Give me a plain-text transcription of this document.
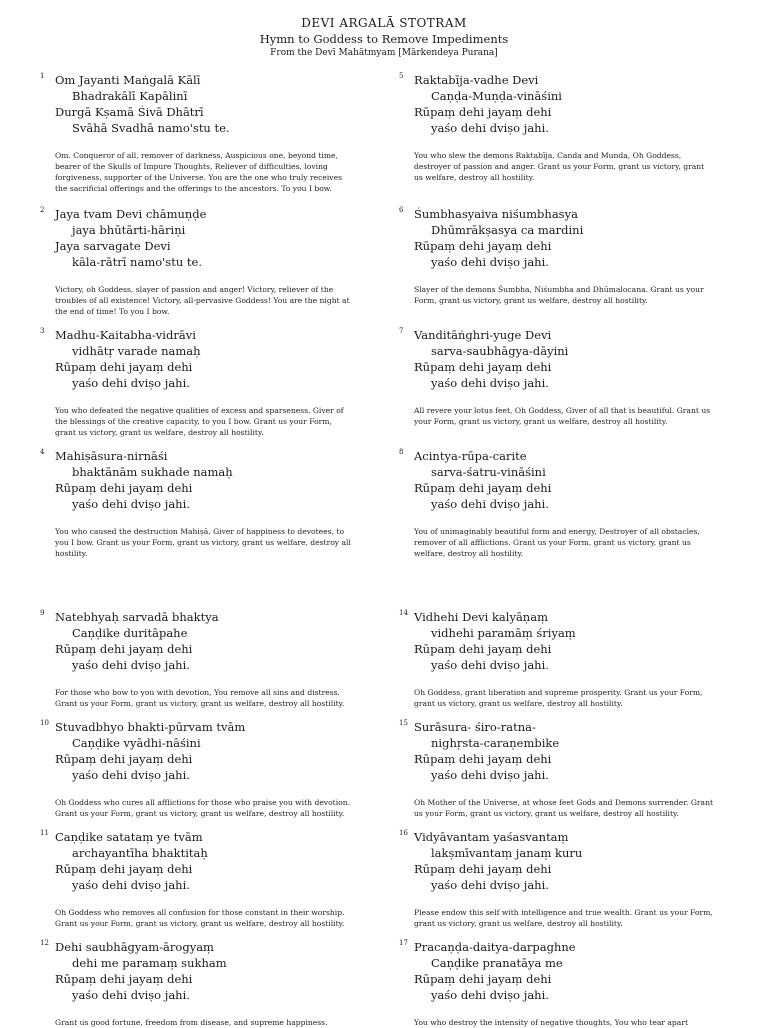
DEVI ARGALĀ STOTRAM
Hymn to Goddess to Remove Impediments
From the Devī Mahātmyam [Mārkendeya Purana]
1 Om Jayanti Maṅgalā Kālī
Bhadrakālī Kapālinī
Durgā Kṣamā Śivā Dhātrī
Svāhā Svadhā namo'stu te.
Om. Conqueror of all, remover of darkness, Auspicious one, beyond time, bearer of the Skulls of Impure Thoughts, Reliever of difficulties, loving forgiveness, supporter of the Universe. You are the one who truly receives the sacrificial offerings and the offerings to the ancestors. To you I bow.
2 Jaya tvam Devi chāmuṇḍe
jaya bhūtārti-hāriṇi
Jaya sarvagate Devi
kāla-rātrī namo'stu te.
Victory, oh Goddess, slayer of passion and anger! Victory, reliever of the troubles of all existence! Victory, all-pervasive Goddess! You are the night at the end of time! To you I bow.
3 Madhu-Kaitabha-vidrāvi
vidhātṛ varade namaḥ
Rūpaṃ dehi jayaṃ dehi
yaśo dehi dviṣo jahi.
You who defeated the negative qualities of excess and sparseness, Giver of the blessings of the creative capacity, to you I bow. Grant us your Form, grant us victory, grant us welfare, destroy all hostility.
4 Mahiṣāsura-nirnāśi
bhaktānām sukhade namaḥ
Rūpaṃ dehi jayaṃ dehi
yaśo dehi dviṣo jahi.
You who caused the destruction Mahiṣā, Giver of happiness to devotees, to you I bow. Grant us your Form, grant us victory, grant us welfare, destroy all hostility.
5 Raktabīja-vadhe Devi
Caṇḍa-Muṇḍa-vināśini
Rūpaṃ dehi jayaṃ dehi
yaśo dehi dviṣo jahi.
You who slew the demons Raktabīja, Canda and Munda, Oh Goddess, destroyer of passion and anger. Grant us your Form, grant us victory, grant us welfare, destroy all hostility.
6 Śumbhasyaiva niśumbhasya
Dhūmrākṣasya ca mardini
Rūpaṃ dehi jayaṃ dehi
yaśo dehi dviṣo jahi.
Slayer of the demons Śumbha, Niśumbha and Dhūmalocana. Grant us your Form, grant us victory, grant us welfare, destroy all hostility.
7 Vanditāṅghri-yuge Devi
sarva-saubhāgya-dāyini
Rūpaṃ dehi jayaṃ dehi
yaśo dehi dviṣo jahi.
All revere your lotus feet, Oh Goddess, Giver of all that is beautiful. Grant us your Form, grant us victory, grant us welfare, destroy all hostility.
8 Acintya-rūpa-carite
sarva-śatru-vināśini
Rūpaṃ dehi jayaṃ dehi
yaśo dehi dviṣo jahi.
You of unimaginably beautiful form and energy, Destroyer of all obstacles, remover of all afflictions. Grant us your Form, grant us victory, grant us welfare, destroy all hostility.
9 Natebhyaḥ sarvadā bhaktya
Caṇḍike duritāpahe
Rūpaṃ dehi jayaṃ dehi
yaśo dehi dviṣo jahi.
For those who bow to you with devotion, You remove all sins and distress. Grant us your Form, grant us victory, grant us welfare, destroy all hostility.
10 Stuvadbhyo bhakti-pūrvam tvām
Caṇḍike vyādhi-nāśini
Rūpaṃ dehi jayaṃ dehi
yaśo dehi dviṣo jahi.
Oh Goddess who cures all afflictions for those who praise you with devotion. Grant us your Form, grant us victory, grant us welfare, destroy all hostility.
11 Caṇḍike satataṃ ye tvām
archayantīha bhaktitaḥ
Rūpaṃ dehi jayaṃ dehi
yaśo dehi dviṣo jahi.
Oh Goddess who removes all confusion for those constant in their worship. Grant us your Form, grant us victory, grant us welfare, destroy all hostility.
12 Dehi saubhāgyam-ārogyaṃ
dehi me paramaṃ sukham
Rūpaṃ dehi jayaṃ dehi
yaśo dehi dviṣo jahi.
Grant us good fortune, freedom from disease, and supreme happiness.
14 Vidhehi Devi kalyāṇaṃ
vidhehi paramāṃ śriyaṃ
Rūpaṃ dehi jayaṃ dehi
yaśo dehi dviṣo jahi.
Oh Goddess, grant liberation and supreme prosperity. Grant us your Form, grant us victory, grant us welfare, destroy all hostility.
15 Surāsura- śiro-ratna-
nighṛsta-caraṇembike
Rūpaṃ dehi jayaṃ dehi
yaśo dehi dviṣo jahi.
Oh Mother of the Universe, at whose feet Gods and Demons surrender. Grant us your Form, grant us victory, grant us welfare, destroy all hostility.
16 Vidyāvantam yaśasvantaṃ
lakṣmīvantaṃ janaṃ kuru
Rūpaṃ dehi jayaṃ dehi
yaśo dehi dviṣo jahi.
Please endow this self with intelligence and true wealth. Grant us your Form, grant us victory, grant us welfare, destroy all hostility.
17 Pracaṇḍa-daitya-darpaghne
Caṇḍike pranatāya me
Rūpaṃ dehi jayaṃ dehi
yaśo dehi dviṣo jahi.
You who destroy the intensity of negative thoughts, You who tear apart
